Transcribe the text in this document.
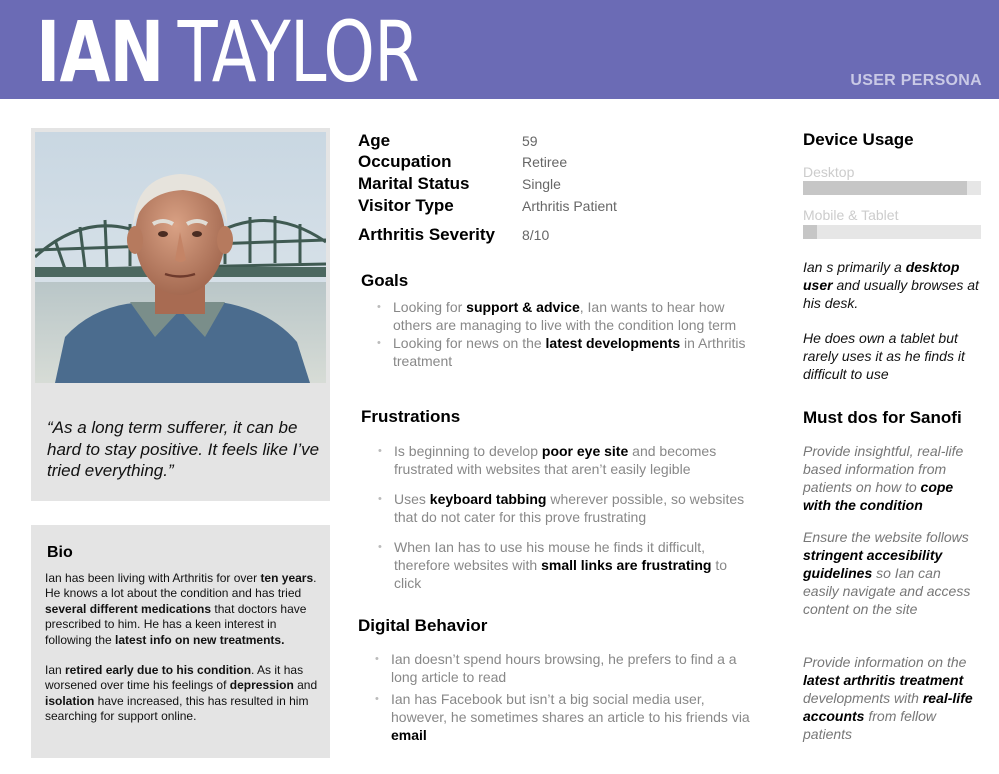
IAN TAYLOR	USER PERSONA
“As a long term sufferer, it can be hard to stay positive. It feels like I’ve tried everything.”
Bio

Ian has been living with Arthritis for over ten years. He knows a lot about the condition and has tried several different medications that doctors have prescribed to him. He has a keen interest in following the latest info on new treatments.

Ian retired early due to his condition. As it has worsened over time his feelings of depression and isolation have increased, this has resulted in him searching for support online.

Age	59
Occupation	Retiree
Marital Status	Single
Visitor Type	Arthritis Patient
Arthritis Severity 8/10
Goals
• Looking for support & advice, Ian wants to hear how others are managing to live with the condition long term
• Looking for news on the latest developments in Arthritis treatment
Frustrations
• Is beginning to develop poor eye site and becomes frustrated with websites that aren’t easily legible
• Uses keyboard tabbing wherever possible, so websites that do not cater for this prove frustrating
• When Ian has to use his mouse he finds it difficult, therefore websites with small links are frustrating to click
Digital Behavior
• Ian doesn’t spend hours browsing, he prefers to find a a long article to read
• Ian has Facebook but isn’t a big social media user, however, he sometimes shares an article to his friends via email
Device Usage
Desktop
Mobile & Tablet
Ian s primarily a desktop user and usually browses at his desk.
He does own a tablet but rarely uses it as he finds it difficult to use
Must dos for Sanofi
Provide insightful, real-life based information from patients on how to cope with the condition
Ensure the website follows stringent accesibility guidelines so Ian can easily navigate and access content on the site
Provide information on the latest arthritis treatment developments with real-life accounts from fellow patients
